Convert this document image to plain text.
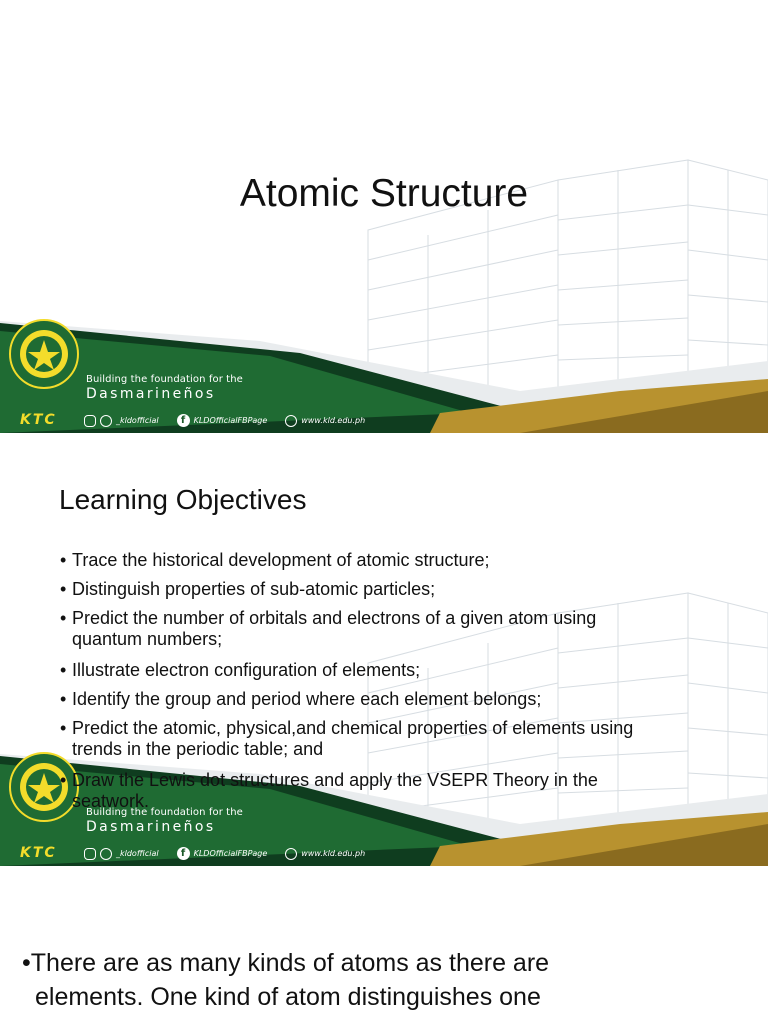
Atomic Structure
Building the foundation for the
Dasmarineños
KTC	_kldofficial	f	KLDOfficialFBPage	www.kld.edu.ph
Building the foundation for the
Dasmarineños
KTC	_kldofficial	f	KLDOfficialFBPage	www.kld.edu.ph
Learning Objectives
• Trace the historical development of atomic structure;
• Distinguish properties of sub-atomic particles;
• Predict the number of orbitals and electrons of a given atom using
quantum numbers;
• Illustrate electron configuration of elements;
• Identify the group and period where each element belongs;
• Predict the atomic, physical,and chemical properties of elements using
trends in the periodic table; and
• Draw the Lewis dot structures and apply the VSEPR Theory in the
seatwork.
•There are as many kinds of atoms as there are
elements. One kind of atom distinguishes one
